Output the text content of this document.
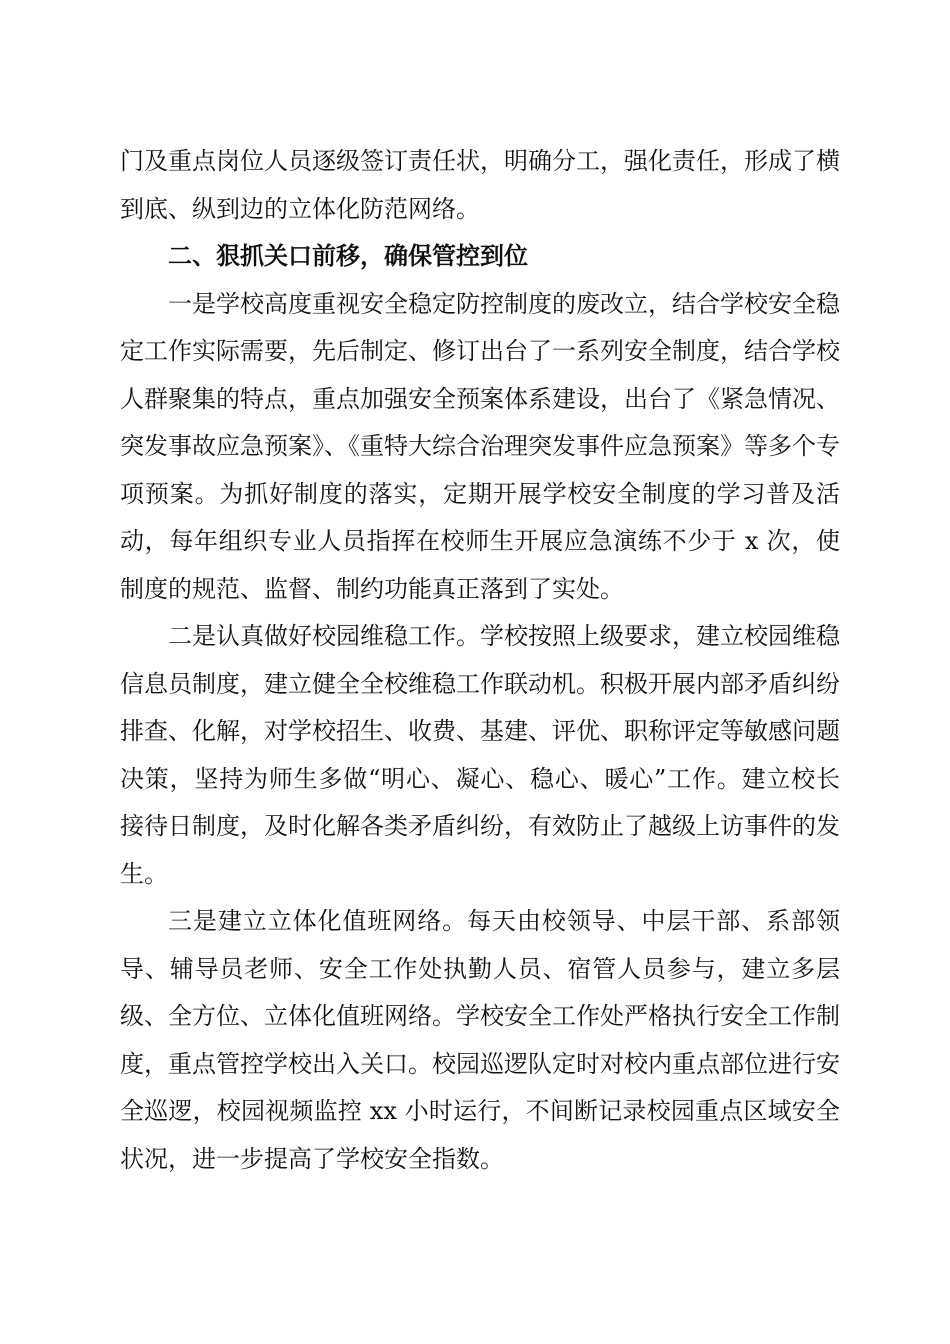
门及重点岗位人员逐级签订责任状，明确分工，强化责任，形成了横到底、纵到边的立体化防范网络。

二、狠抓关口前移，确保管控到位

一是学校高度重视安全稳定防控制度的废改立，结合学校安全稳定工作实际需要，先后制定、修订出台了一系列安全制度，结合学校人群聚集的特点，重点加强安全预案体系建设，出台了《紧急情况、突发事故应急预案》、《重特大综合治理突发事件应急预案》等多个专项预案。为抓好制度的落实，定期开展学校安全制度的学习普及活动，每年组织专业人员指挥在校师生开展应急演练不少于 x 次，使制度的规范、监督、制约功能真正落到了实处。

二是认真做好校园维稳工作。学校按照上级要求，建立校园维稳信息员制度，建立健全全校维稳工作联动机。积极开展内部矛盾纠纷排查、化解，对学校招生、收费、基建、评优、职称评定等敏感问题决策，坚持为师生多做“明心、凝心、稳心、暖心”工作。建立校长接待日制度，及时化解各类矛盾纠纷，有效防止了越级上访事件的发生。

三是建立立体化值班网络。每天由校领导、中层干部、系部领导、辅导员老师、安全工作处执勤人员、宿管人员参与，建立多层级、全方位、立体化值班网络。学校安全工作处严格执行安全工作制度，重点管控学校出入关口。校园巡逻队定时对校内重点部位进行安全巡逻，校园视频监控 xx 小时运行，不间断记录校园重点区域安全状况，进一步提高了学校安全指数。
